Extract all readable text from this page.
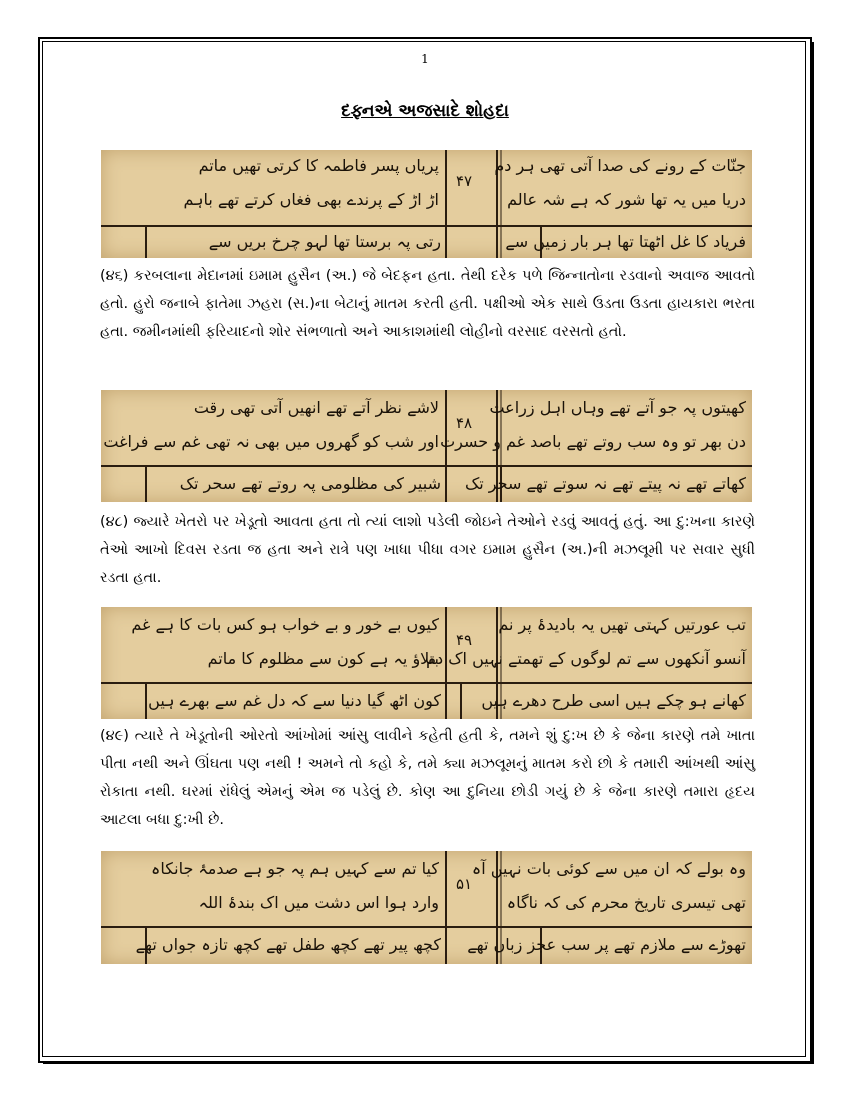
1
દફ્નએ અજસાદે શોહદા
جنّات کے رونے کی صدا آتی تھی ہر دم
دریا میں یہ تھا شور کہ ہے شہ عالم
فریاد کا غل اٹھتا تھا ہر بار زمیں سے
پریاں پسر فاطمہ کا کرتی تھیں ماتم
اڑ اڑ کے پرندے بھی فغاں کرتے تھے باہم
رتی پہ برستا تھا لہو چرخ بریں سے
۴۷
(૪૬) કરબલાના મેદાનમાં ઇમામ હુસૈન (અ.) જે બેદફન હતા. તેથી દરેક પળે જિન્નાતોના રડવાનો અવાજ આવતો હતો. હુરો જનાબે ફાતેમા ઝહરા (સ.)ના બેટાનું માતમ કરતી હતી. પક્ષીઓ એક સાથે ઉડતા ઉડતા હાયકારા ભરતા હતા. જમીનમાંથી ફરિયાદનો શોર સંભળાતો અને આકાશમાંથી લોહીનો વરસાદ વરસતો હતો.
کھیتوں پہ جو آتے تھے وہاں اہل زراعت
دن بھر تو وہ سب روتے تھے باصد غم و حسرت
کھاتے تھے نہ پیتے تھے نہ سوتے تھے سحر تک
لاشے نظر آتے تھے انھیں آتی تھی رقت
اور شب کو گھروں میں بھی نہ تھی غم سے فراغت
شبیر کی مظلومی پہ روتے تھے سحر تک
۴۸
(૪૮) જ્યારે ખેતરો પર ખેડૂતો આવતા હતા તો ત્યાં લાશો પડેલી જોઇને તેઓને રડવું આવતું હતું. આ દુ:ખના કારણે તેઓ આખો દિવસ રડતા જ હતા અને રાત્રે પણ ખાધા પીધા વગર ઇમામ હુસૈન (અ.)ની મઝલૂમી પર સવાર સુધી રડતા હતા.
تب عورتیں کہتی تھیں یہ بادیدۂ پر نم
آنسو آنکھوں سے تم لوگوں کے تھمتے نہیں اک دم
کھانے ہو چکے ہیں اسی طرح دھرے ہیں
کیوں بے خور و بے خواب ہو کس بات کا ہے غم
بتلاؤ یہ ہے کون سے مظلوم کا ماتم
کون اٹھ گیا دنیا سے کہ دل غم سے بھرے ہیں
۴۹
(૪૯) ત્યારે તે ખેડૂતોની ઓરતો આંખોમાં આંસુ લાવીને કહેતી હતી કે, તમને શું દુ:ખ છે કે જેના કારણે તમે ખાતા પીતા નથી અને ઊંઘતા પણ નથી ! અમને તો કહો કે, તમે ક્યા મઝલૂમનું માતમ કરો છો કે તમારી આંખથી આંસુ રોકાતા નથી. ઘરમાં રાંધેલું એમનું એમ જ પડેલું છે. કોણ આ દુનિયા છોડી ગયું છે કે જેના કારણે તમારા હૃદય આટલા બધા દુ:ખી છે.
وہ بولے کہ ان میں سے کوئی بات نہیں آہ
تھی تیسری تاریخ محرم کی کہ ناگاہ
تھوڑے سے ملازم تھے پر سب عجز زباں تھے
کیا تم سے کہیں ہم پہ جو ہے صدمۂ جانکاہ
وارد ہوا اس دشت میں اک بندۂ اللہ
کچھ پیر تھے کچھ طفل تھے کچھ تازہ جواں تھے
۵۱
